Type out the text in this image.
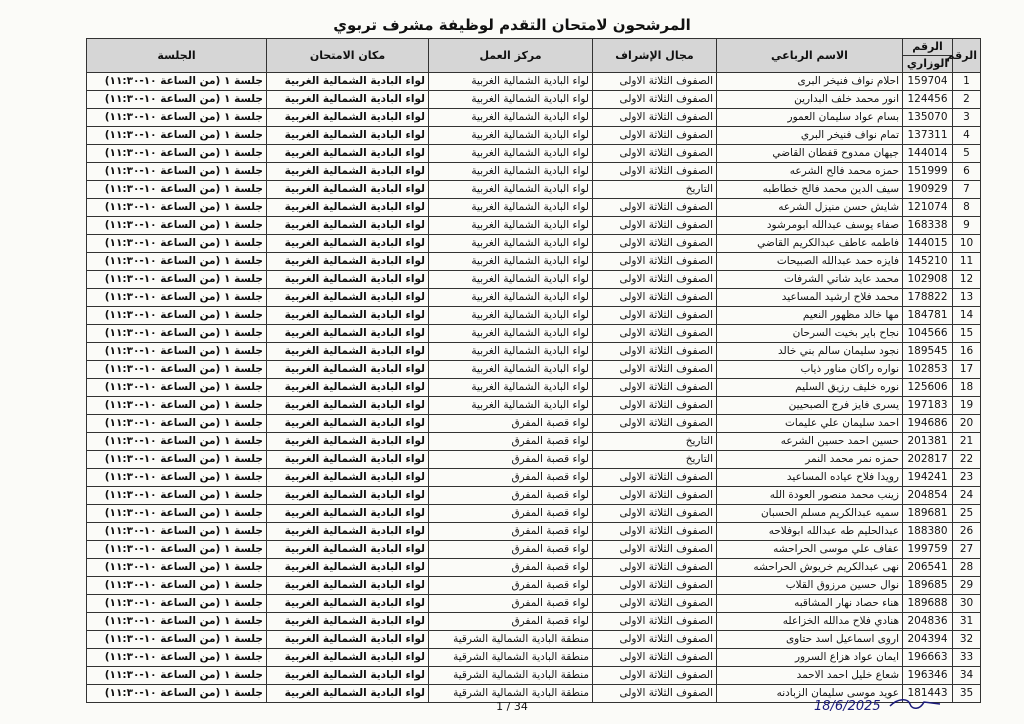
المرشحون لامتحان التقدم لوظيفة مشرف تربوي
الرقم	الرقم	الاسم الرباعي	مجال الإشراف	مركز العمل	مكان الامتحان	الجلسة
	الوزاري					
1	159704	احلام نواف فنيخر البرى	الصفوف الثلاثة الاولى	لواء البادية الشمالية الغربية	لواء البادية الشمالية الغربية	جلسة ١ (من الساعة ١٠-١١:٣٠)
2	124456	انور محمد خلف البدارين	الصفوف الثلاثة الاولى	لواء البادية الشمالية الغربية	لواء البادية الشمالية الغربية	جلسة ١ (من الساعة ١٠-١١:٣٠)
3	135070	بسام عواد سليمان العمور	الصفوف الثلاثة الاولى	لواء البادية الشمالية الغربية	لواء البادية الشمالية الغربية	جلسة ١ (من الساعة ١٠-١١:٣٠)
4	137311	تمام نواف فنيخر البري	الصفوف الثلاثة الاولى	لواء البادية الشمالية الغربية	لواء البادية الشمالية الغربية	جلسة ١ (من الساعة ١٠-١١:٣٠)
5	144014	جيهان ممدوح قفطان القاضي	الصفوف الثلاثة الاولى	لواء البادية الشمالية الغربية	لواء البادية الشمالية الغربية	جلسة ١ (من الساعة ١٠-١١:٣٠)
6	151999	حمزه محمد فالح الشرعه	الصفوف الثلاثة الاولى	لواء البادية الشمالية الغربية	لواء البادية الشمالية الغربية	جلسة ١ (من الساعة ١٠-١١:٣٠)
7	190929	سيف الدين محمد فالح خطاطبه	التاريخ	لواء البادية الشمالية الغربية	لواء البادية الشمالية الغربية	جلسة ١ (من الساعة ١٠-١١:٣٠)
8	121074	شايش حسن منيزل الشرعه	الصفوف الثلاثة الاولى	لواء البادية الشمالية الغربية	لواء البادية الشمالية الغربية	جلسة ١ (من الساعة ١٠-١١:٣٠)
9	168338	صفاء يوسف عبدالله ابومرشود	الصفوف الثلاثة الاولى	لواء البادية الشمالية الغربية	لواء البادية الشمالية الغربية	جلسة ١ (من الساعة ١٠-١١:٣٠)
10	144015	فاطمه عاطف عبدالكريم القاضي	الصفوف الثلاثة الاولى	لواء البادية الشمالية الغربية	لواء البادية الشمالية الغربية	جلسة ١ (من الساعة ١٠-١١:٣٠)
11	145210	فايزه حمد عبدالله الصبيحات	الصفوف الثلاثة الاولى	لواء البادية الشمالية الغربية	لواء البادية الشمالية الغربية	جلسة ١ (من الساعة ١٠-١١:٣٠)
12	102908	محمد عايد شاتي الشرفات	الصفوف الثلاثة الاولى	لواء البادية الشمالية الغربية	لواء البادية الشمالية الغربية	جلسة ١ (من الساعة ١٠-١١:٣٠)
13	178822	محمد فلاح ارشيد المساعيد	الصفوف الثلاثة الاولى	لواء البادية الشمالية الغربية	لواء البادية الشمالية الغربية	جلسة ١ (من الساعة ١٠-١١:٣٠)
14	184781	مها خالد مظهور النعيم	الصفوف الثلاثة الاولى	لواء البادية الشمالية الغربية	لواء البادية الشمالية الغربية	جلسة ١ (من الساعة ١٠-١١:٣٠)
15	104566	نجاح باير بخيت السرحان	الصفوف الثلاثة الاولى	لواء البادية الشمالية الغربية	لواء البادية الشمالية الغربية	جلسة ١ (من الساعة ١٠-١١:٣٠)
16	189545	نجود سليمان سالم بني خالد	الصفوف الثلاثة الاولى	لواء البادية الشمالية الغربية	لواء البادية الشمالية الغربية	جلسة ١ (من الساعة ١٠-١١:٣٠)
17	102853	نواره راكان مناور ذياب	الصفوف الثلاثة الاولى	لواء البادية الشمالية الغربية	لواء البادية الشمالية الغربية	جلسة ١ (من الساعة ١٠-١١:٣٠)
18	125606	نوره خليف رزيق السليم	الصفوف الثلاثة الاولى	لواء البادية الشمالية الغربية	لواء البادية الشمالية الغربية	جلسة ١ (من الساعة ١٠-١١:٣٠)
19	197183	يسرى فايز فرج الصبحيين	الصفوف الثلاثة الاولى	لواء البادية الشمالية الغربية	لواء البادية الشمالية الغربية	جلسة ١ (من الساعة ١٠-١١:٣٠)
20	194686	احمد سليمان علي عليمات	الصفوف الثلاثة الاولى	لواء قصبة المفرق	لواء البادية الشمالية الغربية	جلسة ١ (من الساعة ١٠-١١:٣٠)
21	201381	حسين احمد حسين الشرعه	التاريخ	لواء قصبة المفرق	لواء البادية الشمالية الغربية	جلسة ١ (من الساعة ١٠-١١:٣٠)
22	202817	حمزه نمر محمد النمر	التاريخ	لواء قصبة المفرق	لواء البادية الشمالية الغربية	جلسة ١ (من الساعة ١٠-١١:٣٠)
23	194241	رويدا فلاح عياده المساعيد	الصفوف الثلاثة الاولى	لواء قصبة المفرق	لواء البادية الشمالية الغربية	جلسة ١ (من الساعة ١٠-١١:٣٠)
24	204854	زينب محمد منصور العودة الله	الصفوف الثلاثة الاولى	لواء قصبة المفرق	لواء البادية الشمالية الغربية	جلسة ١ (من الساعة ١٠-١١:٣٠)
25	189681	سميه عبدالكريم مسلم الحسبان	الصفوف الثلاثة الاولى	لواء قصبة المفرق	لواء البادية الشمالية الغربية	جلسة ١ (من الساعة ١٠-١١:٣٠)
26	188380	عبدالحليم طه عبدالله ابوفلاحه	الصفوف الثلاثة الاولى	لواء قصبة المفرق	لواء البادية الشمالية الغربية	جلسة ١ (من الساعة ١٠-١١:٣٠)
27	199759	عفاف علي موسى الحراحشه	الصفوف الثلاثة الاولى	لواء قصبة المفرق	لواء البادية الشمالية الغربية	جلسة ١ (من الساعة ١٠-١١:٣٠)
28	206541	نهى عبدالكريم خريوش الحراحشه	الصفوف الثلاثة الاولى	لواء قصبة المفرق	لواء البادية الشمالية الغربية	جلسة ١ (من الساعة ١٠-١١:٣٠)
29	189685	نوال حسين مرزوق القلاب	الصفوف الثلاثة الاولى	لواء قصبة المفرق	لواء البادية الشمالية الغربية	جلسة ١ (من الساعة ١٠-١١:٣٠)
30	189688	هناء حصاد نهار المشاقبه	الصفوف الثلاثة الاولى	لواء قصبة المفرق	لواء البادية الشمالية الغربية	جلسة ١ (من الساعة ١٠-١١:٣٠)
31	204836	هنادي فلاح مدالله الخزاعله	الصفوف الثلاثة الاولى	لواء قصبة المفرق	لواء البادية الشمالية الغربية	جلسة ١ (من الساعة ١٠-١١:٣٠)
32	204394	اروى اسماعيل اسد حتاوى	الصفوف الثلاثة الاولى	منطقة البادية الشمالية الشرقية	لواء البادية الشمالية الغربية	جلسة ١ (من الساعة ١٠-١١:٣٠)
33	196663	ايمان عواد هزاع السرور	الصفوف الثلاثة الاولى	منطقة البادية الشمالية الشرقية	لواء البادية الشمالية الغربية	جلسة ١ (من الساعة ١٠-١١:٣٠)
34	196346	شعاع خليل احمد الاحمد	الصفوف الثلاثة الاولى	منطقة البادية الشمالية الشرقية	لواء البادية الشمالية الغربية	جلسة ١ (من الساعة ١٠-١١:٣٠)
35	181443	عويد موسى سليمان الزبادنه	الصفوف الثلاثة الاولى	منطقة البادية الشمالية الشرقية	لواء البادية الشمالية الغربية	جلسة ١ (من الساعة ١٠-١١:٣٠)
1 / 34	18/6/2025
